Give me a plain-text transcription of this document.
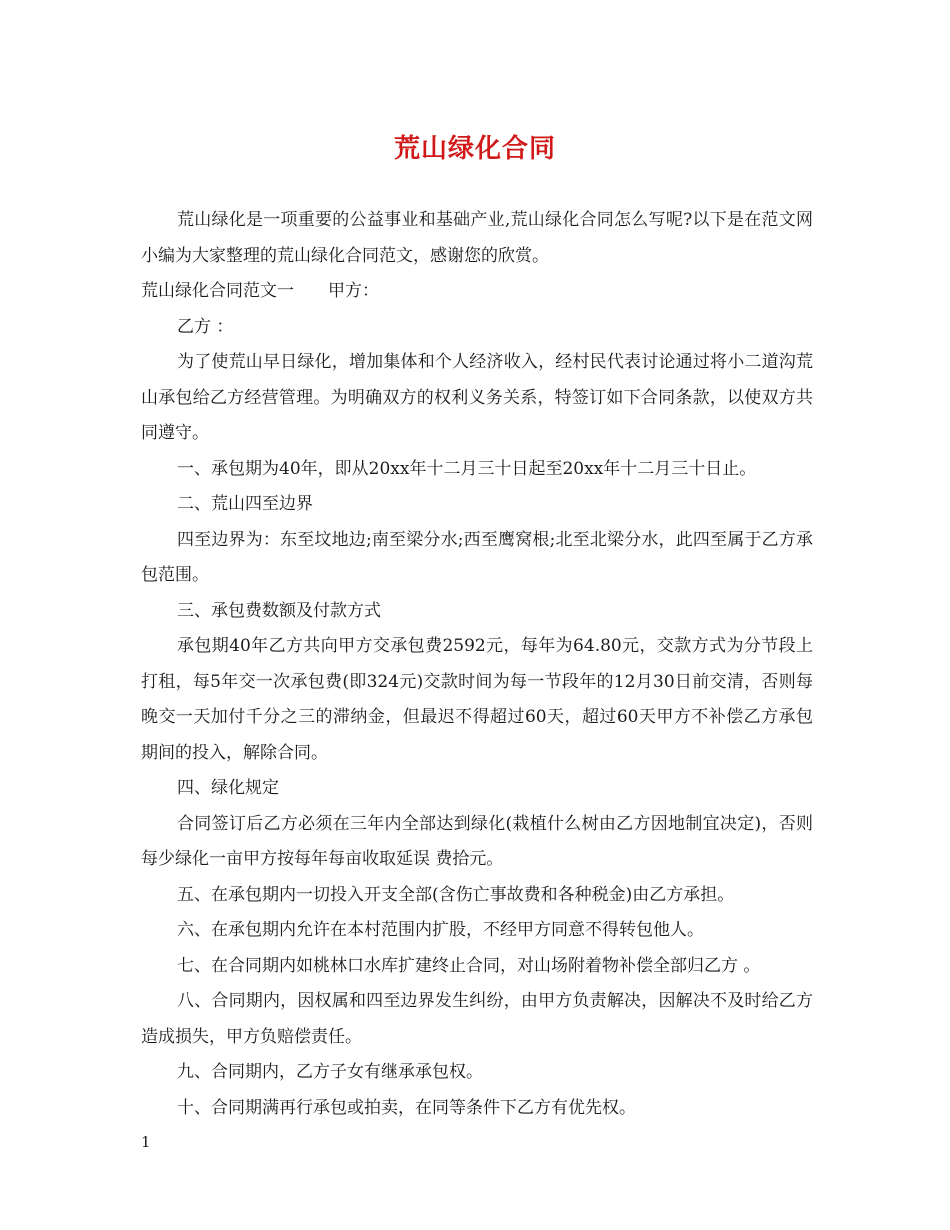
荒山绿化合同

荒山绿化是一项重要的公益事业和基础产业,荒山绿化合同怎么写呢?以下是在范文网小编为大家整理的荒山绿化合同范文，感谢您的欣赏。

荒山绿化合同范文一　　甲方：

乙方 ：

为了使荒山早日绿化，增加集体和个人经济收入，经村民代表讨论通过将小二道沟荒山承包给乙方经营管理。为明确双方的权利义务关系，特签订如下合同条款，以使双方共同遵守。

一、承包期为40年，即从20xx年十二月三十日起至20xx年十二月三十日止。

二、荒山四至边界

四至边界为：东至坟地边;南至梁分水;西至鹰窝根;北至北梁分水，此四至属于乙方承包范围。

三、承包费数额及付款方式

承包期40年乙方共向甲方交承包费2592元，每年为64.80元，交款方式为分节段上打租，每5年交一次承包费(即324元)交款时间为每一节段年的12月30日前交清，否则每晚交一天加付千分之三的滞纳金，但最迟不得超过60天，超过60天甲方不补偿乙方承包期间的投入，解除合同。

四、绿化规定

合同签订后乙方必须在三年内全部达到绿化(栽植什么树由乙方因地制宜决定)，否则每少绿化一亩甲方按每年每亩收取延误 费拾元。

五、在承包期内一切投入开支全部(含伤亡事故费和各种税金)由乙方承担。

六、在承包期内允许在本村范围内扩股，不经甲方同意不得转包他人。

七、在合同期内如桃林口水库扩建终止合同，对山场附着物补偿全部归乙方 。

八、合同期内，因权属和四至边界发生纠纷，由甲方负责解决，因解决不及时给乙方造成损失，甲方负赔偿责任。

九、合同期内，乙方子女有继承承包权。

十、合同期满再行承包或拍卖，在同等条件下乙方有优先权。

1
